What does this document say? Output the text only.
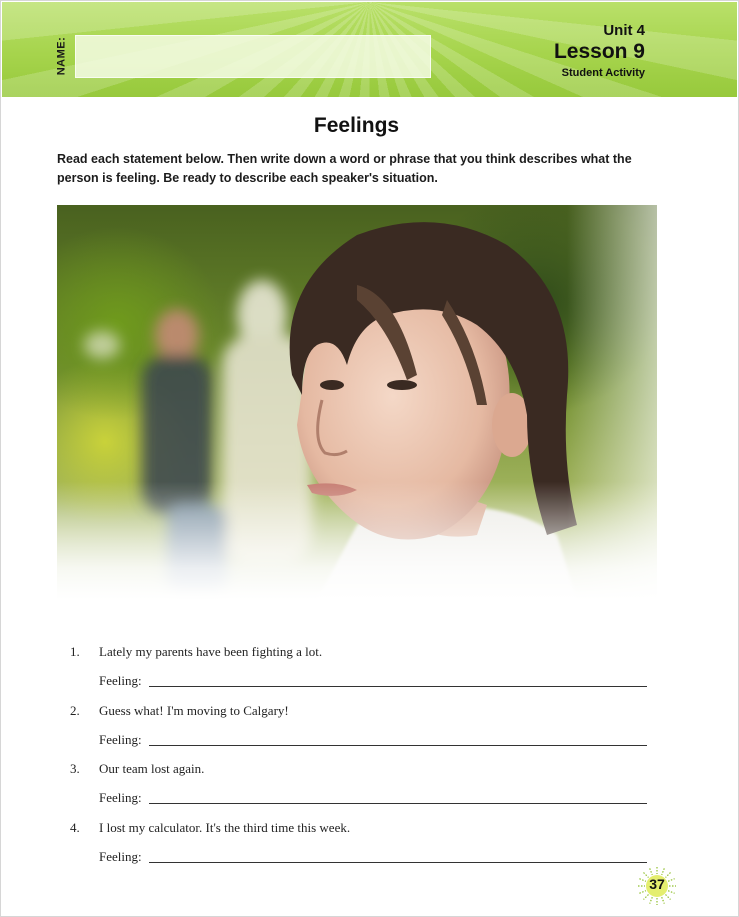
NAME:
Unit 4
Lesson 9
Student Activity
Feelings
Read each statement below. Then write down a word or phrase that you think describes what the person is feeling. Be ready to describe each speaker's situation.
1.	Lately my parents have been fighting a lot.
Feeling:
2.	Guess what! I'm moving to Calgary!
Feeling:
3.	Our team lost again.
Feeling:
4.	I lost my calculator. It's the third time this week.
Feeling:
37
